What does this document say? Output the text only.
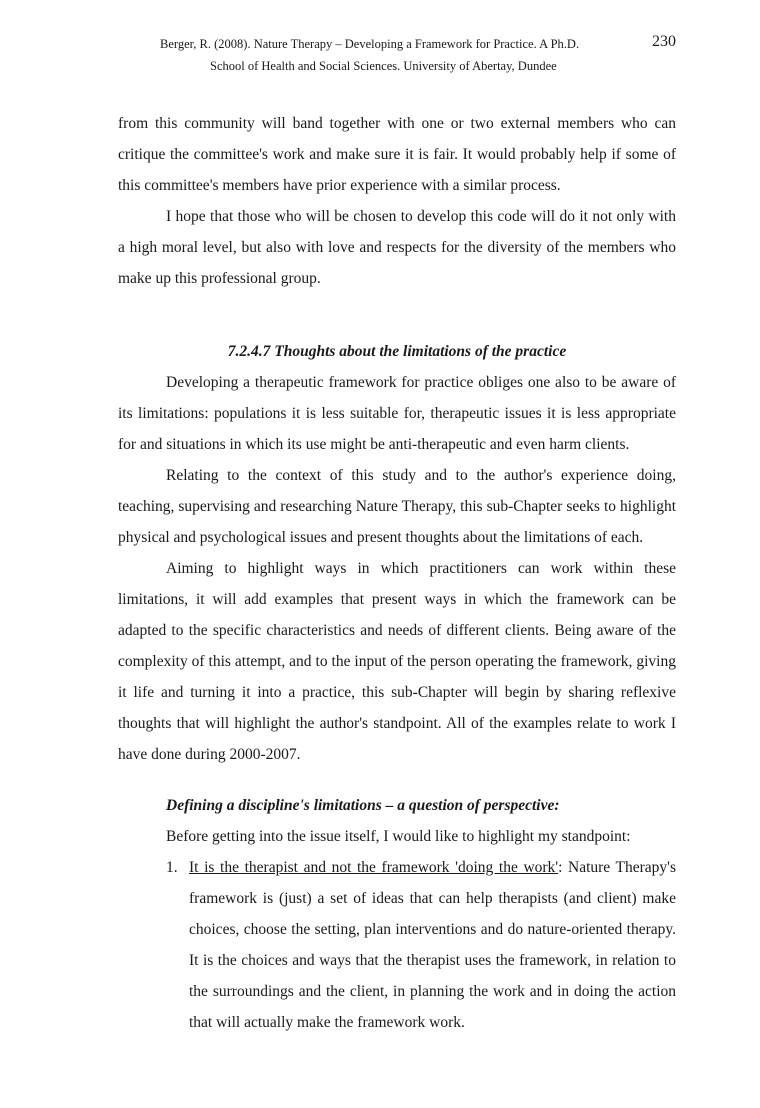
Berger, R. (2008). Nature Therapy – Developing a Framework for Practice. A Ph.D.
School of Health and Social Sciences. University of Abertay, Dundee
230

from this community will band together with one or two external members who can critique the committee's work and make sure it is fair. It would probably help if some of this committee's members have prior experience with a similar process.

I hope that those who will be chosen to develop this code will do it not only with a high moral level, but also with love and respects for the diversity of the members who make up this professional group.

7.2.4.7 Thoughts about the limitations of the practice

Developing a therapeutic framework for practice obliges one also to be aware of its limitations: populations it is less suitable for, therapeutic issues it is less appropriate for and situations in which its use might be anti-therapeutic and even harm clients.

Relating to the context of this study and to the author's experience doing, teaching, supervising and researching Nature Therapy, this sub-Chapter seeks to highlight physical and psychological issues and present thoughts about the limitations of each.

Aiming to highlight ways in which practitioners can work within these limitations, it will add examples that present ways in which the framework can be adapted to the specific characteristics and needs of different clients. Being aware of the complexity of this attempt, and to the input of the person operating the framework, giving it life and turning it into a practice, this sub-Chapter will begin by sharing reflexive thoughts that will highlight the author's standpoint. All of the examples relate to work I have done during 2000-2007.

Defining a discipline's limitations – a question of perspective:

Before getting into the issue itself, I would like to highlight my standpoint:

1. It is the therapist and not the framework 'doing the work': Nature Therapy's framework is (just) a set of ideas that can help therapists (and client) make choices, choose the setting, plan interventions and do nature-oriented therapy. It is the choices and ways that the therapist uses the framework, in relation to the surroundings and the client, in planning the work and in doing the action that will actually make the framework work.
